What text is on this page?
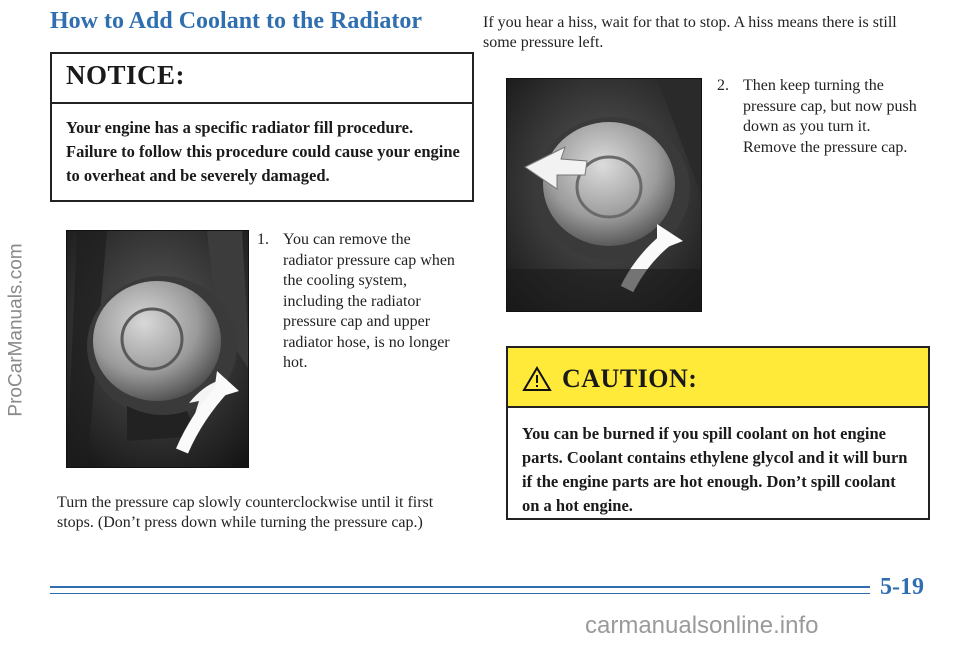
ProCarManuals.com
How to Add Coolant to the Radiator
NOTICE:
Your engine has a specific radiator fill procedure. Failure to follow this procedure could cause your engine to overheat and be severely damaged.
1. You can remove the radiator pressure cap when the cooling system, including the radiator pressure cap and upper radiator hose, is no longer hot.
Turn the pressure cap slowly counterclockwise until it first stops. (Don’t press down while turning the pressure cap.)
If you hear a hiss, wait for that to stop. A hiss means there is still some pressure left.
2. Then keep turning the pressure cap, but now push down as you turn it. Remove the pressure cap.
CAUTION:
You can be burned if you spill coolant on hot engine parts. Coolant contains ethylene glycol and it will burn if the engine parts are hot enough. Don’t spill coolant on a hot engine.
5-19
carmanualsonline.info
